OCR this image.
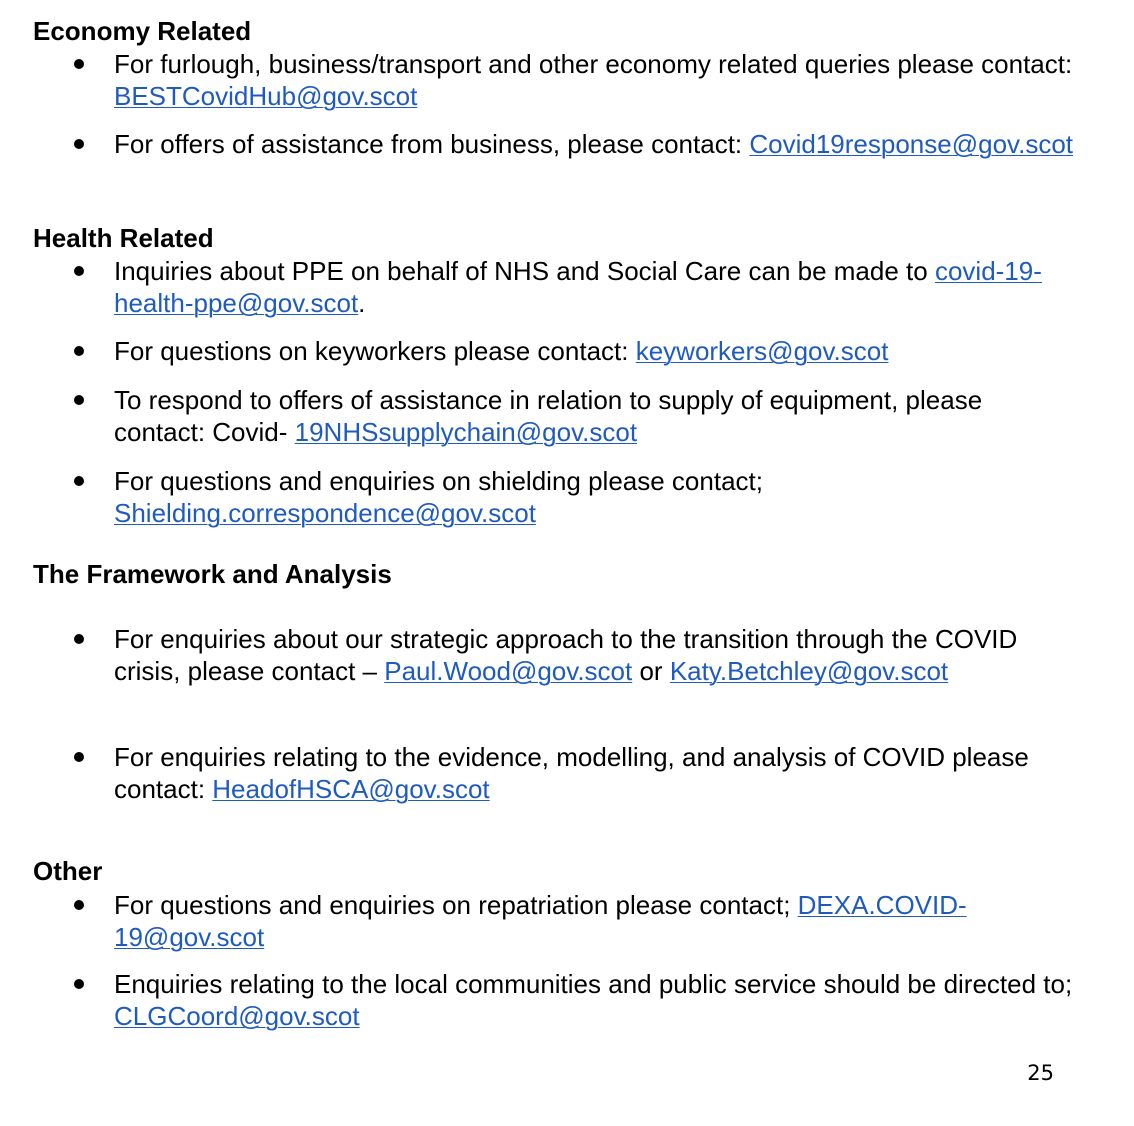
Economy Related
For furlough, business/transport and other economy related queries please contact: BESTCovidHub@gov.scot
For offers of assistance from business, please contact: Covid19response@gov.scot
Health Related
Inquiries about PPE on behalf of NHS and Social Care can be made to covid-19-health-ppe@gov.scot.
For questions on keyworkers please contact: keyworkers@gov.scot
To respond to offers of assistance in relation to supply of equipment, please contact: Covid- 19NHSsupplychain@gov.scot
For questions and enquiries on shielding please contact; Shielding.correspondence@gov.scot
The Framework and Analysis
For enquiries about our strategic approach to the transition through the COVID crisis, please contact – Paul.Wood@gov.scot or Katy.Betchley@gov.scot
For enquiries relating to the evidence, modelling, and analysis of COVID please contact: HeadofHSCA@gov.scot
Other
For questions and enquiries on repatriation please contact; DEXA.COVID-19@gov.scot
Enquiries relating to the local communities and public service should be directed to; CLGCoord@gov.scot
25
